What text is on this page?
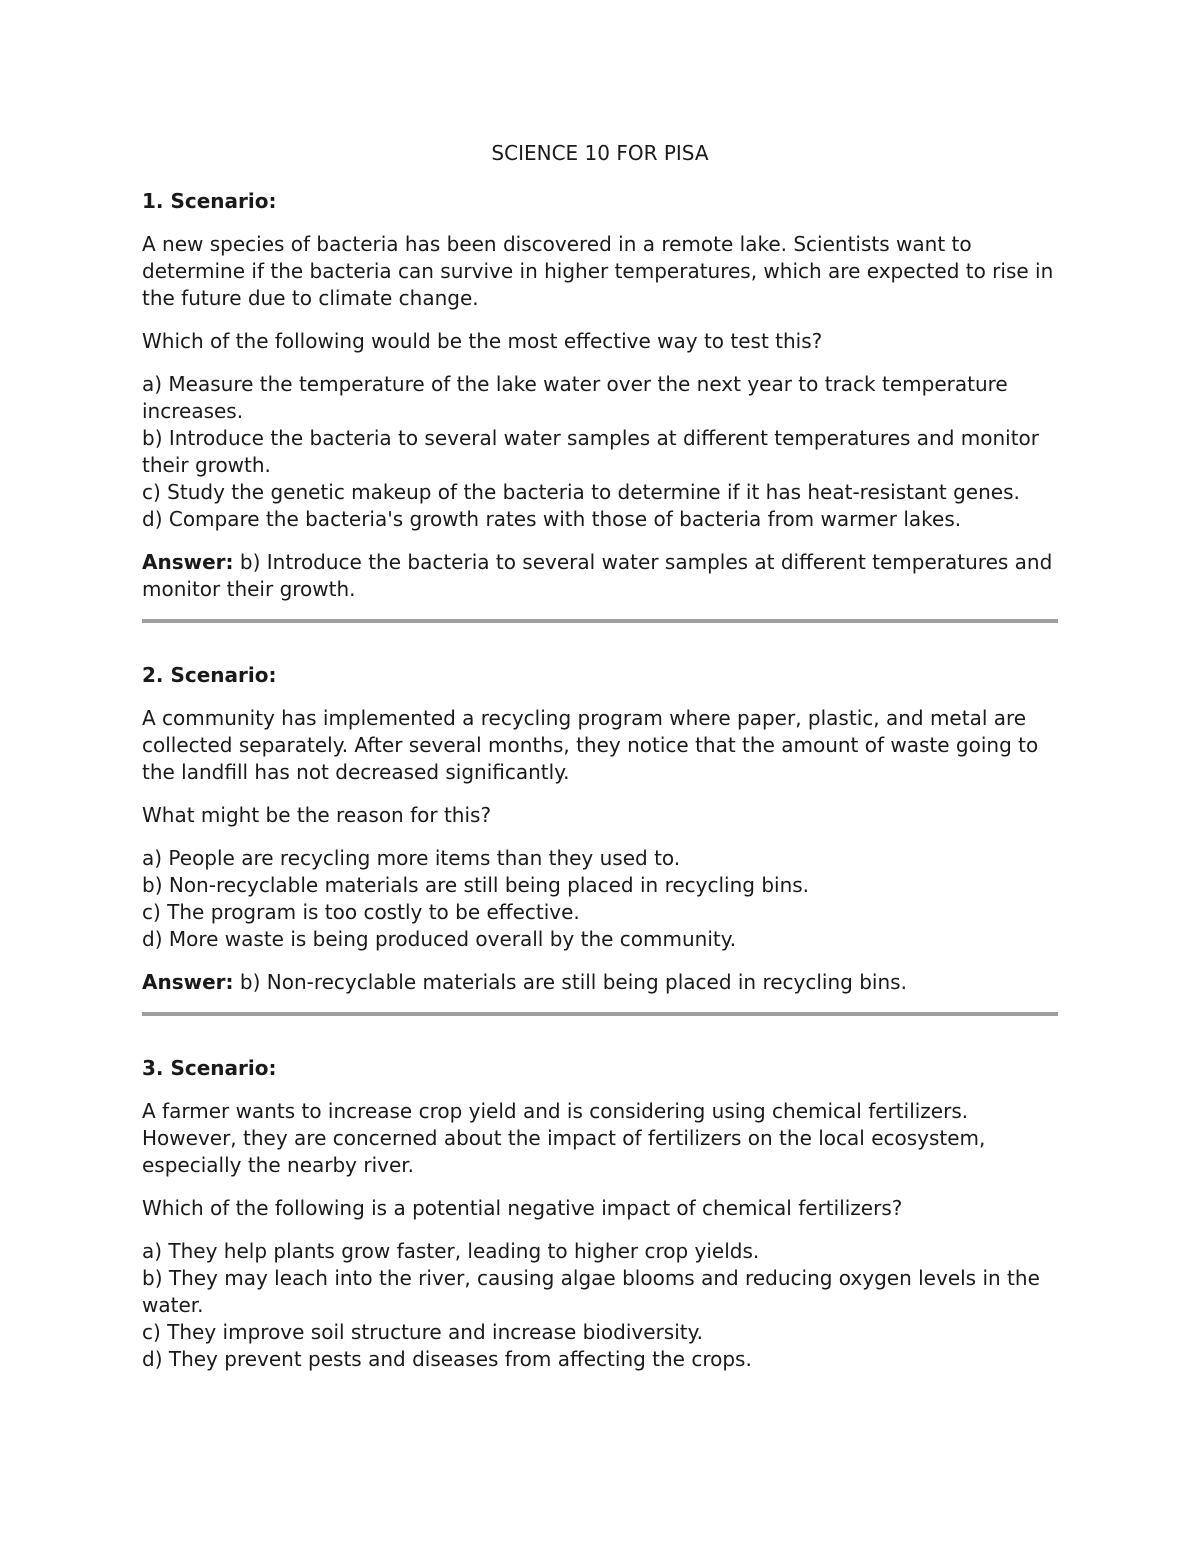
SCIENCE 10 FOR PISA
1. Scenario:
A new species of bacteria has been discovered in a remote lake. Scientists want to determine if the bacteria can survive in higher temperatures, which are expected to rise in the future due to climate change.
Which of the following would be the most effective way to test this?
a) Measure the temperature of the lake water over the next year to track temperature increases.
b) Introduce the bacteria to several water samples at different temperatures and monitor their growth.
c) Study the genetic makeup of the bacteria to determine if it has heat-resistant genes.
d) Compare the bacteria's growth rates with those of bacteria from warmer lakes.
Answer: b) Introduce the bacteria to several water samples at different temperatures and monitor their growth.
2. Scenario:
A community has implemented a recycling program where paper, plastic, and metal are collected separately. After several months, they notice that the amount of waste going to the landfill has not decreased significantly.
What might be the reason for this?
a) People are recycling more items than they used to.
b) Non-recyclable materials are still being placed in recycling bins.
c) The program is too costly to be effective.
d) More waste is being produced overall by the community.
Answer: b) Non-recyclable materials are still being placed in recycling bins.
3. Scenario:
A farmer wants to increase crop yield and is considering using chemical fertilizers. However, they are concerned about the impact of fertilizers on the local ecosystem, especially the nearby river.
Which of the following is a potential negative impact of chemical fertilizers?
a) They help plants grow faster, leading to higher crop yields.
b) They may leach into the river, causing algae blooms and reducing oxygen levels in the water.
c) They improve soil structure and increase biodiversity.
d) They prevent pests and diseases from affecting the crops.
